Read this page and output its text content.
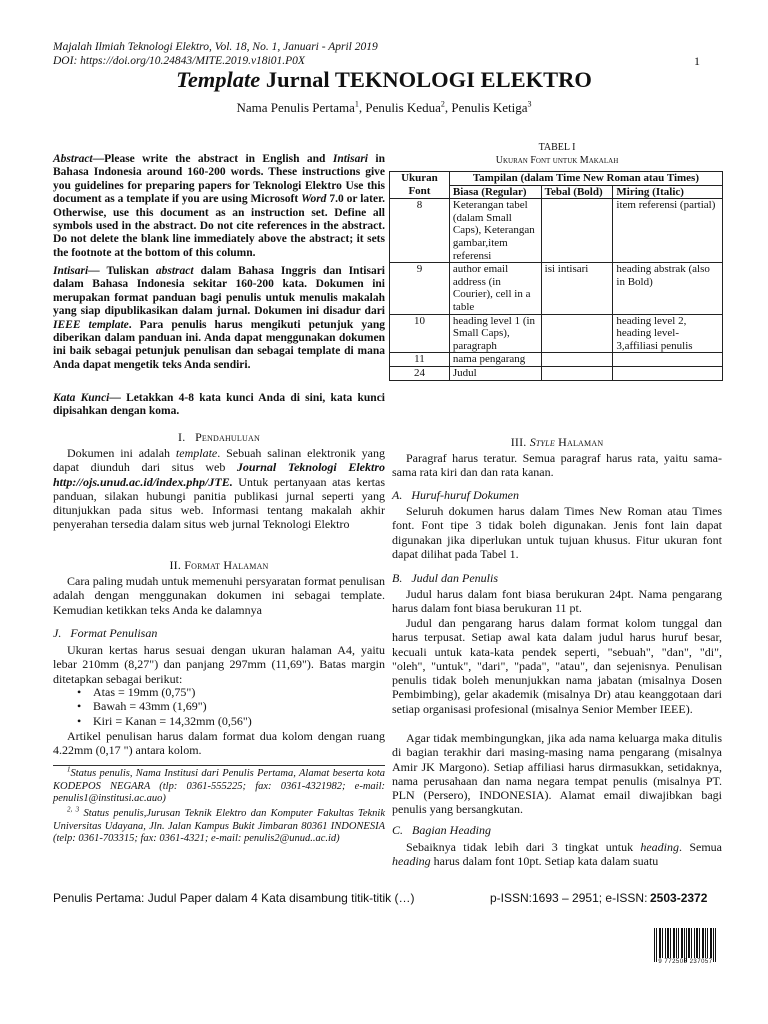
Majalah Ilmiah Teknologi Elektro, Vol. 18, No. 1, Januari - April 2019
DOI: https://doi.org/10.24843/MITE.2019.v18i01.P0X	1
Template Jurnal TEKNOLOGI ELEKTRO
Nama Penulis Pertama$^1$, Penulis Kedua$^2$, Penulis Ketiga$^3$
Abstract—Please write the abstract in English and Intisari in Bahasa Indonesia around 160-200 words. These instructions give you guidelines for preparing papers for Teknologi Elektro Use this document as a template if you are using Microsoft Word 7.0 or later. Otherwise, use this document as an instruction set. Define all symbols used in the abstract. Do not cite references in the abstract. Do not delete the blank line immediately above the abstract; it sets the footnote at the bottom of this column.
Intisari— Tuliskan abstract dalam Bahasa Inggris dan Intisari dalam Bahasa Indonesia sekitar 160-200 kata. Dokumen ini merupakan format panduan bagi penulis untuk menulis makalah yang siap dipublikasikan dalam jurnal. Dokumen ini disadur dari IEEE template. Para penulis harus mengikuti petunjuk yang diberikan dalam panduan ini. Anda dapat menggunakan dokumen ini baik sebagai petunjuk penulisan dan sebagai template di mana Anda dapat mengetik teks Anda sendiri.
Kata Kunci— Letakkan 4-8 kata kunci Anda di sini, kata kunci dipisahkan dengan koma.
I. Pendahuluan
Dokumen ini adalah template. Sebuah salinan elektronik yang dapat diunduh dari situs web Journal Teknologi Elektro http://ojs.unud.ac.id/index.php/JTE. Untuk pertanyaan atas kertas panduan, silakan hubungi panitia publikasi jurnal seperti yang ditunjukkan pada situs web. Informasi tentang makalah akhir penyerahan tersedia dalam situs web jurnal Teknologi Elektro
II. Format Halaman
Cara paling mudah untuk memenuhi persyaratan format penulisan adalah dengan menggunakan dokumen ini sebagai template. Kemudian ketikkan teks Anda ke dalamnya
J. Format Penulisan
Ukuran kertas harus sesuai dengan ukuran halaman A4, yaitu lebar 210mm (8,27") dan panjang 297mm (11,69"). Batas margin ditetapkan sebagai berikut:
• Atas = 19mm (0,75")
• Bawah = 43mm (1,69")
• Kiri = Kanan = 14,32mm (0,56")
Artikel penulisan harus dalam format dua kolom dengan ruang 4.22mm (0,17 ") antara kolom.
$^1$Status penulis, Nama Institusi dari Penulis Pertama, Alamat beserta kota KODEPOS NEGARA (tlp: 0361-555225; fax: 0361-4321982; e-mail: penulis1@institusi.ac.auo)
$^{2, 3}$ Status penulis,Jurusan Teknik Elektro dan Komputer Fakultas Teknik Universitas Udayana, Jln. Jalan Kampus Bukit Jimbaran 80361 INDONESIA (telp: 0361-703315; fax: 0361-4321; e-mail: penulis2@unud..ac.id)
TABEL I
Ukuran Font untuk Makalah
Ukuran Font	Tampilan (dalam Time New Roman atau Times)		
	Biasa (Regular)	Tebal (Bold)	Miring (Italic)
8	Keterangan tabel (dalam Small Caps), Keterangan gambar,item referensi		item referensi (partial)
9	author email address (in Courier), cell in a table	isi intisari	heading abstrak (also in Bold)
10	heading level 1 (in Small Caps), paragraph		heading level 2, heading level-3,affiliasi penulis
11	nama pengarang		
24	Judul		
III. Style Halaman
Paragraf harus teratur. Semua paragraf harus rata, yaitu sama-sama rata kiri dan dan rata kanan.
A. Huruf-huruf Dokumen
Seluruh dokumen harus dalam Times New Roman atau Times font. Font tipe 3 tidak boleh digunakan. Jenis font lain dapat digunakan jika diperlukan untuk tujuan khusus. Fitur ukuran font dapat dilihat pada Tabel 1.
B. Judul dan Penulis
Judul harus dalam font biasa berukuran 24pt. Nama pengarang harus dalam font biasa berukuran 11 pt.
Judul dan pengarang harus dalam format kolom tunggal dan harus terpusat. Setiap awal kata dalam judul harus huruf besar, kecuali untuk kata-kata pendek seperti, "sebuah", "dan", "di", "oleh", "untuk", "dari", "pada", "atau", dan sejenisnya. Penulisan penulis tidak boleh menunjukkan nama jabatan (misalnya Dosen Pembimbing), gelar akademik (misalnya Dr) atau keanggotaan dari setiap organisasi profesional (misalnya Senior Member IEEE).
Agar tidak membingungkan, jika ada nama keluarga maka ditulis di bagian terakhir dari masing-masing nama pengarang (misalnya Amir JK Margono). Setiap affiliasi harus dirmasukkan, setidaknya, nama perusahaan dan nama negara tempat penulis (misalnya PT. PLN (Persero), INDONESIA). Alamat email diwajibkan bagi penulis yang bersangkutan.
C. Bagian Heading
Sebaiknya tidak lebih dari 3 tingkat untuk heading. Semua heading harus dalam font 10pt. Setiap kata dalam suatu
Penulis Pertama: Judul Paper dalam 4 Kata disambung titik-titik (…)	p-ISSN:1693 – 2951; e-ISSN: 2503-2372
9 772503 237057
